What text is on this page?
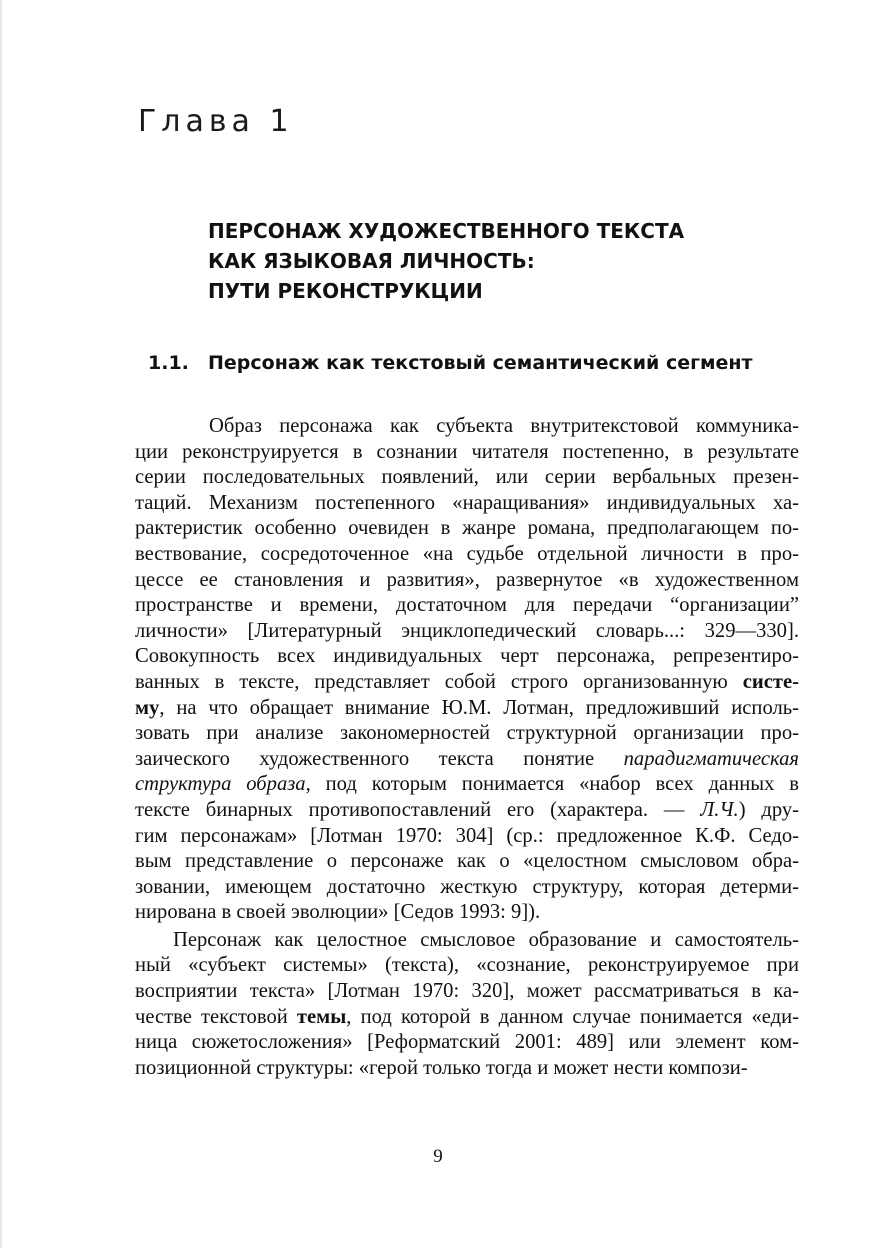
Глава 1
ПЕРСОНАЖ ХУДОЖЕСТВЕННОГО ТЕКСТА
КАК ЯЗЫКОВАЯ ЛИЧНОСТЬ:
ПУТИ РЕКОНСТРУКЦИИ
1.1. Персонаж как текстовый семантический сегмент
Образ персонажа как субъекта внутритекстовой коммуника-
ции реконструируется в сознании читателя постепенно, в результате
серии последовательных появлений, или серии вербальных презен-
таций. Механизм постепенного «наращивания» индивидуальных ха-
рактеристик особенно очевиден в жанре романа, предполагающем по-
вествование, сосредоточенное «на судьбе отдельной личности в про-
цессе ее становления и развития», развернутое «в художественном
пространстве и времени, достаточном для передачи “организации”
личности» [Литературный энциклопедический словарь...: 329—330].
Совокупность всех индивидуальных черт персонажа, репрезентиро-
ванных в тексте, представляет собой строго организованную систе-
му, на что обращает внимание Ю.М. Лотман, предложивший исполь-
зовать при анализе закономерностей структурной организации про-
заического художественного текста понятие парадигматическая
структура образа, под которым понимается «набор всех данных в
тексте бинарных противопоставлений его (характера. — Л.Ч.) дру-
гим персонажам» [Лотман 1970: 304] (ср.: предложенное К.Ф. Седо-
вым представление о персонаже как о «целостном смысловом обра-
зовании, имеющем достаточно жесткую структуру, которая детерми-
нирована в своей эволюции» [Седов 1993: 9]).
Персонаж как целостное смысловое образование и самостоятель-
ный «субъект системы» (текста), «сознание, реконструируемое при
восприятии текста» [Лотман 1970: 320], может рассматриваться в ка-
честве текстовой темы, под которой в данном случае понимается «еди-
ница сюжетосложения» [Реформатский 2001: 489] или элемент ком-
позиционной структуры: «герой только тогда и может нести компози-
9
